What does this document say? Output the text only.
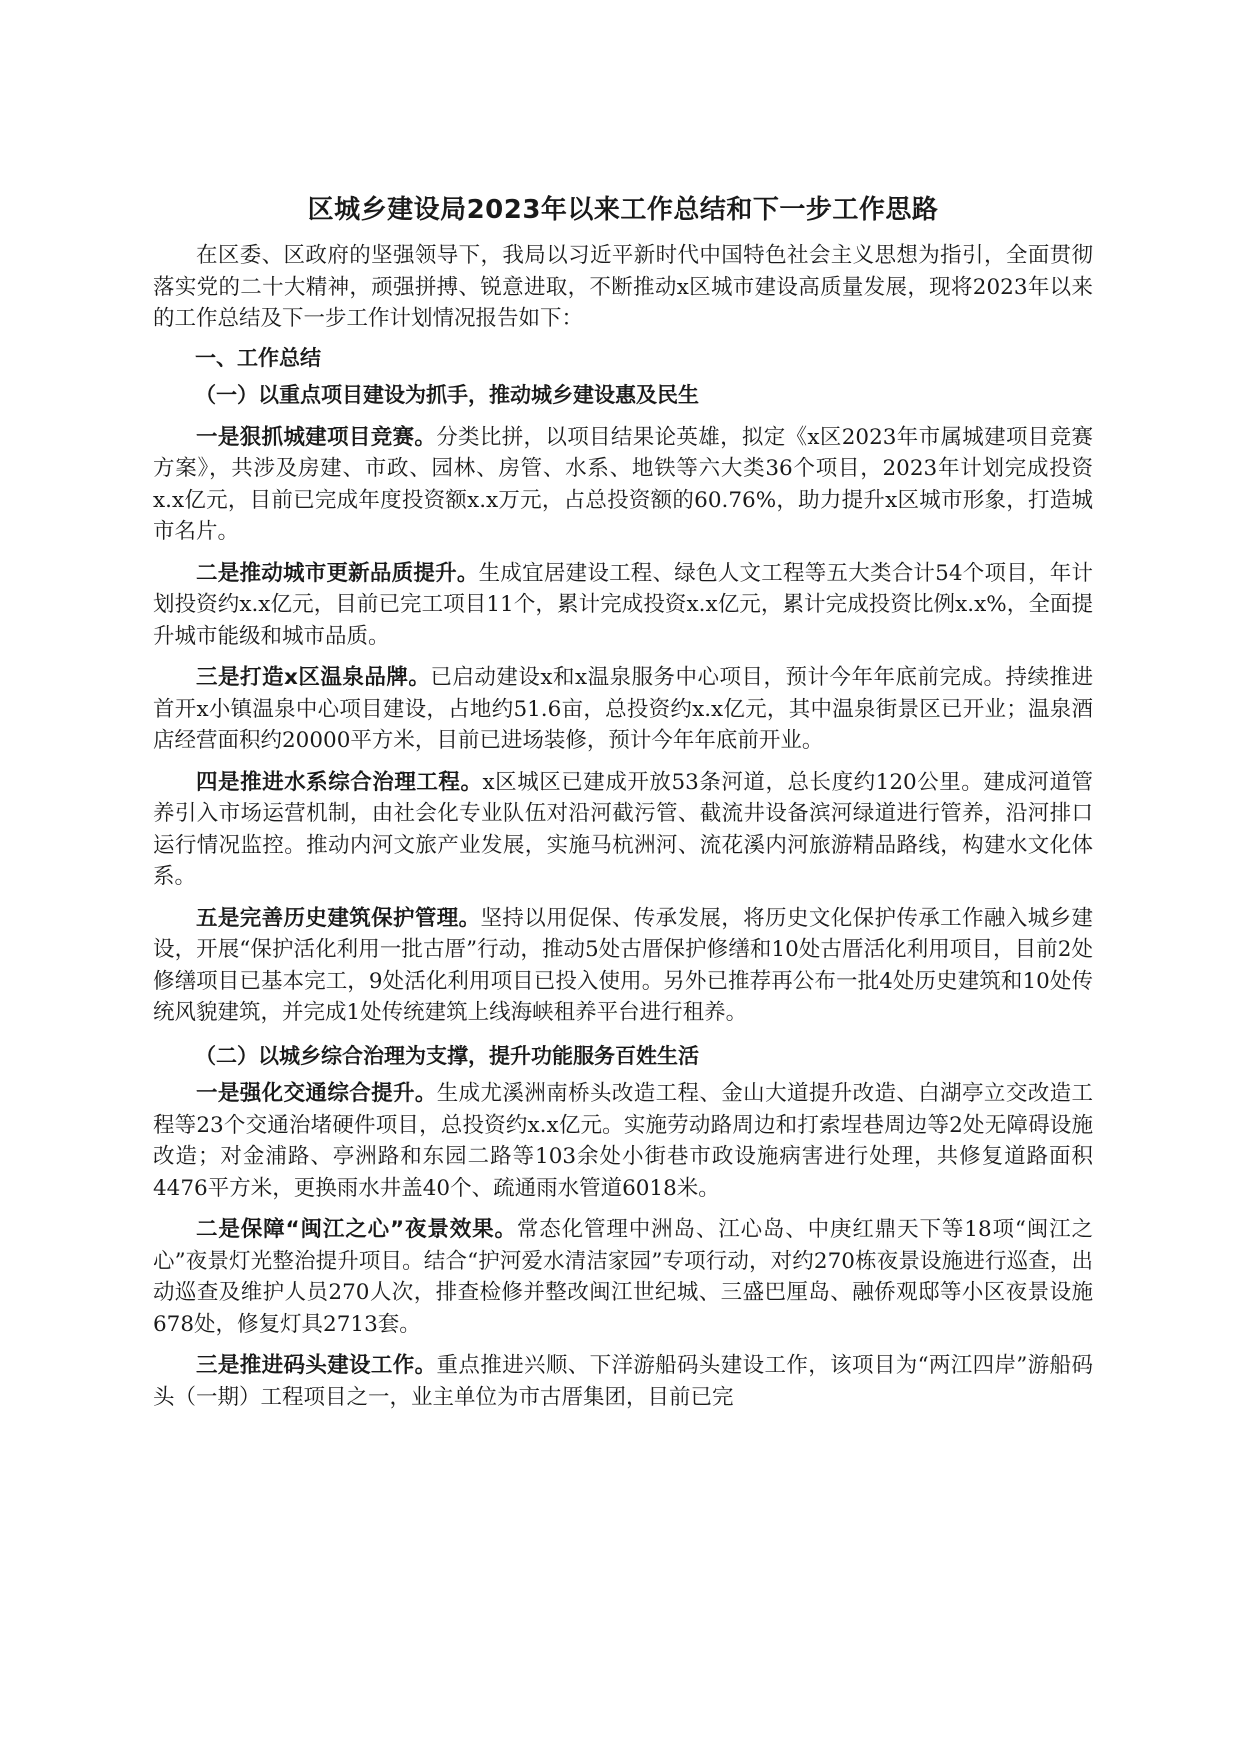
区城乡建设局2023年以来工作总结和下一步工作思路

在区委、区政府的坚强领导下，我局以习近平新时代中国特色社会主义思想为指引，全面贯彻落实党的二十大精神，顽强拼搏、锐意进取，不断推动x区城市建设高质量发展，现将2023年以来的工作总结及下一步工作计划情况报告如下：

一、工作总结
（一）以重点项目建设为抓手，推动城乡建设惠及民生

一是狠抓城建项目竞赛。分类比拼，以项目结果论英雄，拟定《x区2023年市属城建项目竞赛方案》，共涉及房建、市政、园林、房管、水系、地铁等六大类36个项目，2023年计划完成投资x.x亿元，目前已完成年度投资额x.x万元，占总投资额的60.76%，助力提升x区城市形象，打造城市名片。

二是推动城市更新品质提升。生成宜居建设工程、绿色人文工程等五大类合计54个项目，年计划投资约x.x亿元，目前已完工项目11个，累计完成投资x.x亿元，累计完成投资比例x.x%，全面提升城市能级和城市品质。

三是打造x区温泉品牌。已启动建设x和x温泉服务中心项目，预计今年年底前完成。持续推进首开x小镇温泉中心项目建设，占地约51.6亩，总投资约x.x亿元，其中温泉街景区已开业；温泉酒店经营面积约20000平方米，目前已进场装修，预计今年年底前开业。

四是推进水系综合治理工程。x区城区已建成开放53条河道，总长度约120公里。建成河道管养引入市场运营机制，由社会化专业队伍对沿河截污管、截流井设备滨河绿道进行管养，沿河排口运行情况监控。推动内河文旅产业发展，实施马杭洲河、流花溪内河旅游精品路线，构建水文化体系。

五是完善历史建筑保护管理。坚持以用促保、传承发展，将历史文化保护传承工作融入城乡建设，开展“保护活化利用一批古厝”行动，推动5处古厝保护修缮和10处古厝活化利用项目，目前2处修缮项目已基本完工，9处活化利用项目已投入使用。另外已推荐再公布一批4处历史建筑和10处传统风貌建筑，并完成1处传统建筑上线海峡租养平台进行租养。

（二）以城乡综合治理为支撑，提升功能服务百姓生活

一是强化交通综合提升。生成尤溪洲南桥头改造工程、金山大道提升改造、白湖亭立交改造工程等23个交通治堵硬件项目，总投资约x.x亿元。实施劳动路周边和打索埕巷周边等2处无障碍设施改造；对金浦路、亭洲路和东园二路等103余处小街巷市政设施病害进行处理，共修复道路面积4476平方米，更换雨水井盖40个、疏通雨水管道6018米。

二是保障“闽江之心”夜景效果。常态化管理中洲岛、江心岛、中庚红鼎天下等18项“闽江之心”夜景灯光整治提升项目。结合“护河爱水清洁家园”专项行动，对约270栋夜景设施进行巡查，出动巡查及维护人员270人次，排查检修并整改闽江世纪城、三盛巴厘岛、融侨观邸等小区夜景设施678处，修复灯具2713套。

三是推进码头建设工作。重点推进兴顺、下洋游船码头建设工作，该项目为“两江四岸”游船码头（一期）工程项目之一，业主单位为市古厝集团，目前已完
